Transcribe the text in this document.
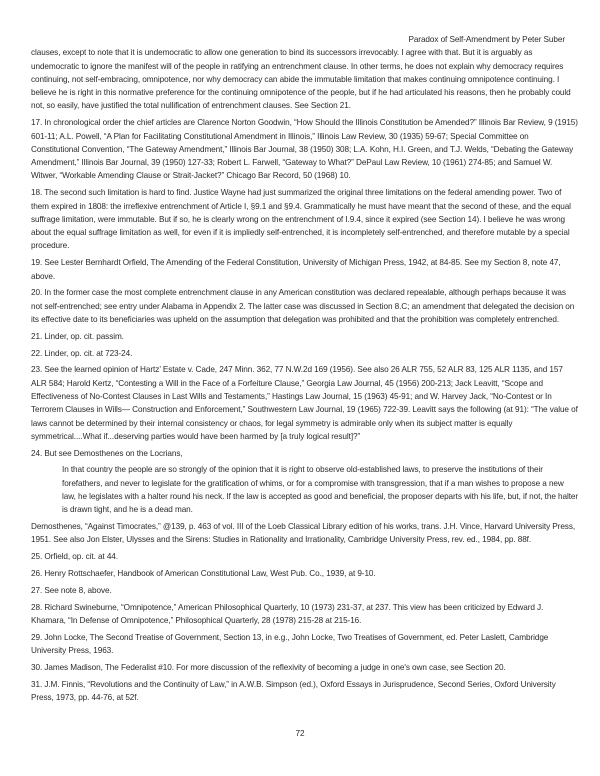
Paradox of Self-Amendment by Peter Suber

clauses, except to note that it is undemocratic to allow one generation to bind its successors irrevocably. I agree with that. But it is arguably as undemocratic to ignore the manifest will of the people in ratifying an entrenchment clause. In other terms, he does not explain why democracy requires continuing, not self-embracing, omnipotence, nor why democracy can abide the immutable limitation that makes continuing omnipotence continuing. I believe he is right in this normative preference for the continuing omnipotence of the people, but if he had articulated his reasons, then he probably could not, so easily, have justified the total nullification of entrenchment clauses. See Section 21.

17. In chronological order the chief articles are Clarence Norton Goodwin, “How Should the Illinois Constitution be Amended?” Illinois Bar Review, 9 (1915) 601-11; A.L. Powell, “A Plan for Facilitating Constitutional Amendment in Illinois,” Illinois Law Review, 30 (1935) 59-67; Special Committee on Constitutional Convention, “The Gateway Amendment,” Illinois Bar Journal, 38 (1950) 308; L.A. Kohn, H.I. Green, and T.J. Welds, “Debating the Gateway Amendment,” Illinois Bar Journal, 39 (1950) 127-33; Robert L. Farwell, “Gateway to What?” DePaul Law Review, 10 (1961) 274-85; and Samuel W. Witwer, “Workable Amending Clause or Strait-Jacket?” Chicago Bar Record, 50 (1968) 10.

18. The second such limitation is hard to find. Justice Wayne had just summarized the original three limitations on the federal amending power. Two of them expired in 1808: the irreflexive entrenchment of Article I, §9.1 and §9.4. Grammatically he must have meant that the second of these, and the equal suffrage limitation, were immutable. But if so, he is clearly wrong on the entrenchment of I.9.4, since it expired (see Section 14). I believe he was wrong about the equal suffrage limitation as well, for even if it is impliedly self-entrenched, it is incompletely self-entrenched, and therefore mutable by a special procedure.

19. See Lester Bernhardt Orfield, The Amending of the Federal Constitution, University of Michigan Press, 1942, at 84-85. See my Section 8, note 47, above.

20. In the former case the most complete entrenchment clause in any American constitution was declared repealable, although perhaps because it was not self-entrenched; see entry under Alabama in Appendix 2. The latter case was discussed in Section 8.C; an amendment that delegated the decision on its effective date to its beneficiaries was upheld on the assumption that delegation was prohibited and that the prohibition was completely entrenched.

21. Linder, op. cit. passim.

22. Linder, op. cit. at 723-24.

23. See the learned opinion of Hartz’ Estate v. Cade, 247 Minn. 362, 77 N.W.2d 169 (1956). See also 26 ALR 755, 52 ALR 83, 125 ALR 1135, and 157 ALR 584; Harold Kertz, “Contesting a Will in the Face of a Forfeiture Clause,” Georgia Law Journal, 45 (1956) 200-213; Jack Leavitt, “Scope and Effectiveness of No-Contest Clauses in Last Wills and Testaments,” Hastings Law Journal, 15 (1963) 45-91; and W. Harvey Jack, “No-Contest or In Terrorem Clauses in Wills— Construction and Enforcement,” Southwestern Law Journal, 19 (1965) 722-39. Leavitt says the following (at 91): “The value of laws cannot be determined by their internal consistency or chaos, for legal symmetry is admirable only when its subject matter is equally symmetrical....What if...deserving parties would have been harmed by [a truly logical result]?”

24. But see Demosthenes on the Locrians,

In that country the people are so strongly of the opinion that it is right to observe old-established laws, to preserve the institutions of their forefathers, and never to legislate for the gratification of whims, or for a compromise with transgression, that if a man wishes to propose a new law, he legislates with a halter round his neck. If the law is accepted as good and beneficial, the proposer departs with his life, but, if not, the halter is drawn tight, and he is a dead man.

Demosthenes, “Against Timocrates,” @139, p. 463 of vol. III of the Loeb Classical Library edition of his works, trans. J.H. Vince, Harvard University Press, 1951. See also Jon Elster, Ulysses and the Sirens: Studies in Rationality and Irrationality, Cambridge University Press, rev. ed., 1984, pp. 88f.

25. Orfield, op. cit. at 44.

26. Henry Rottschaefer, Handbook of American Constitutional Law, West Pub. Co., 1939, at 9-10.

27. See note 8, above.

28. Richard Swineburne, “Omnipotence,” American Philosophical Quarterly, 10 (1973) 231-37, at 237. This view has been criticized by Edward J. Khamara, “In Defense of Omnipotence,” Philosophical Quarterly, 28 (1978) 215-28 at 215-16.

29. John Locke, The Second Treatise of Government, Section 13, in e.g., John Locke, Two Treatises of Government, ed. Peter Laslett, Cambridge University Press, 1963.

30. James Madison, The Federalist #10. For more discussion of the reflexivity of becoming a judge in one's own case, see Section 20.

31. J.M. Finnis, “Revolutions and the Continuity of Law,” in A.W.B. Simpson (ed.), Oxford Essays in Jurisprudence, Second Series, Oxford University Press, 1973, pp. 44-76, at 52f.

72
